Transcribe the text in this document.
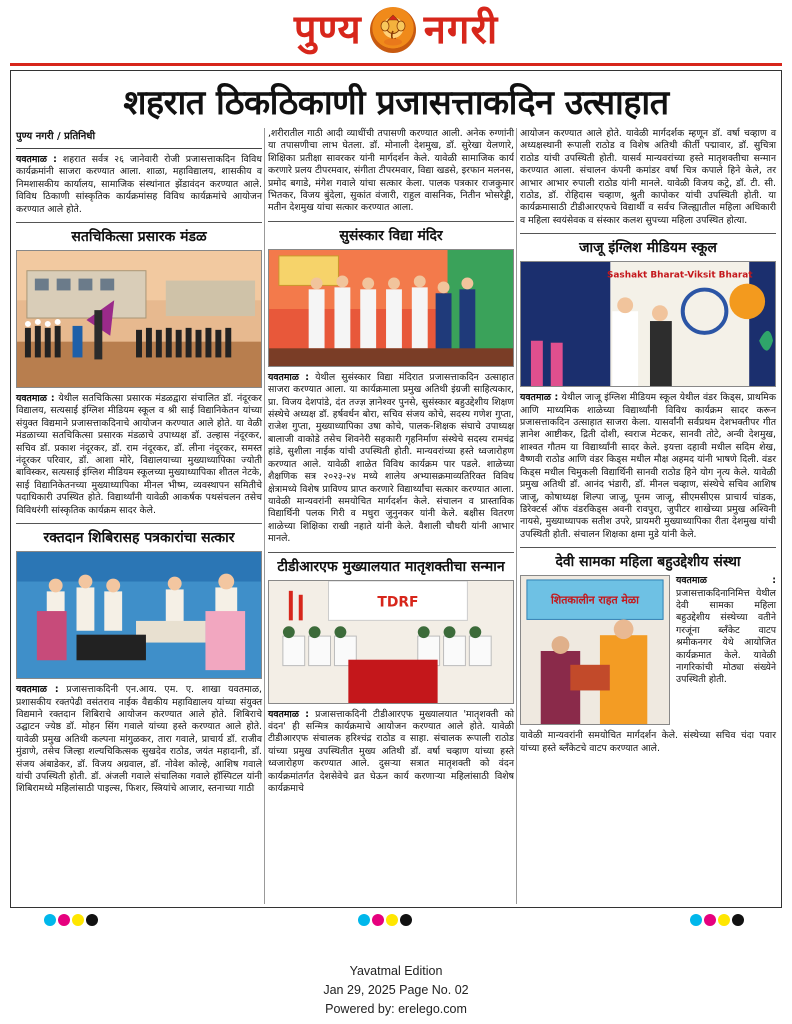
पुण्य नगरी
शहरात ठिकठिकाणी प्रजासत्ताकदिन उत्साहात
पुण्य नगरी / प्रतिनिधी

यवतमाळ : शहरात सर्वत्र २६ जानेवारी रोजी प्रजासत्ताकदिन विविध कार्यक्रमांनी साजरा करण्यात आला. शाळा, महाविद्यालय, शासकीय व निमशासकीय कार्यालय, सामाजिक संस्थांनात झेंडावंदन करण्यात आले. विविध ठिकाणी सांस्कृतिक कार्यक्रमांसह विविध कार्यक्रमांचे आयोजन करण्यात आले होते.

सतचिकित्सा प्रसारक मंडळ

यवतमाळ : येथील सतचिकित्सा प्रसारक मंडळद्वारा संचालित डॉ. नंदूरकर विद्यालय, सत्यसाई इंग्लिश मीडियम स्कूल व श्री साई विद्यानिकेतन यांच्या संयुक्त विद्यमाने प्रजासत्ताकदिनाचे आयोजन करण्यात आले होते. या वेळी मंडळाच्या सतचिकित्सा प्रसारक मंडळाचे उपाध्यक्ष डॉ. उल्हास नंदूरकर, सचिव डॉ. प्रकाश नंदूरकर, डॉ. राम नंदूरकर, डॉ. लीना नंदूरकर, समस्त नंदूरकर परिवार, डॉ. आशा मोरे, विद्यालयाच्या मुख्याध्यापिका ज्योती बाविस्कर, सत्यसाई इंग्लिश मीडियम स्कूलच्या मुख्याध्यापिका शीतल नेटके, साई विद्यानिकेतनच्या मुख्याध्यापिका मीनल भीष्म, व्यवस्थापन समितीचे पदाधिकारी उपस्थित होते. विद्यार्थ्यांनी यावेळी आकर्षक पथसंचलन तसेच विविधरंगी सांस्कृतिक कार्यक्रम सादर केले.

रक्तदान शिबिरासह पत्रकारांचा सत्कार

यवतमाळ : प्रजासत्ताकदिनी एन.आय. एम. ए. शाखा यवतमाळ, प्रशासकीय रक्तपेढी वसंतराव नाईक वैद्यकीय महाविद्यालय यांच्या संयुक्त विद्यमाने रक्तदान शिबिराचे आयोजन करण्यात आले होते. शिबिराचे उद्घाटन ज्येष्ठ डॉ. मोहन सिंग गवाले यांच्या हस्ते करण्यात आले होते. यावेळी प्रमुख अतिथी कल्पना मांगुळकर, तारा गवाले, प्राचार्य डॉ. राजीव मुंडाणे, तसेच जिल्हा शल्यचिकित्सक सुखदेव राठोड, जयंत महादानी, डॉ. संजय अंबाडेकर, डॉ. विजय अग्रवाल, डॉ. नोवेश कोल्हे, आशिष गवाले यांची उपस्थिती होती. डॉ. अंजली गवाले संचालिका गवाले हॉस्पिटल यांनी शिबिरामध्ये महिलांसाठी पाइल्स, फिशर, स्त्रियांचे आजार, स्तनाच्या गाठी

,शरीरातील गाठी आदी व्याधींची तपासणी करण्यात आली. अनेक रुग्णांनी या तपासणीचा लाभ घेतला. डॉ. मोनाली देशमुख, डॉ. सुरेखा येलणारे, शिक्षिका प्रतीक्षा सावरकर यांनी मार्गदर्शन केले. यावेळी सामाजिक कार्य करणारे प्रलय टीपरमवार, संगीता टीपरमवार, विद्या खडसे, इरफान मलनस, प्रमोद बगाडे, मंगेश गवाले यांचा सत्कार केला. पालक पत्रकार राजकुमार भितकर, विजय बुंदेला, सुकांत वंजारी, राहुल वासनिक, नितीन भोसरेड्डी, मतीन देशमुख यांचा सत्कार करण्यात आला.

सुसंस्कार विद्या मंदिर

यवतमाळ : येथील सुसंस्कार विद्या मंदिरात प्रजासत्ताकदिन उत्साहात साजरा करण्यात आला. या कार्यक्रमाला प्रमुख अतिथी इंग्रजी साहित्यकार, प्रा. विजय देशपांडे, दंत तज्ज्ञ ज्ञानेश्वर पुनसे, सुसंस्कार बहुउद्देशीय शिक्षण संस्थेचे अध्यक्ष डॉ. हर्षवर्धन बोरा, सचिव संजय कोचे, सदस्य गणेश गुप्ता, राजेश गुप्ता, मुख्याध्यापिका उषा कोचे, पालक-शिक्षक संघाचे उपाध्यक्ष बालाजी वाकोडे तसेच शिवनेरी सहकारी गृहनिर्माण संस्थेचे सदस्य रामचंद्र हांडे, सुशीला नाईक यांची उपस्थिती होती. मान्यवरांच्या हस्ते ध्वजारोहण करण्यात आले. यावेळी शाळेत विविध कार्यक्रम पार पडले. शाळेच्या शैक्षणिक सत्र २०२३-२४ मध्ये शालेय अभ्यासक्रमाव्यतिरिक्त विविध क्षेत्रामध्ये विशेष प्राविण्य प्राप्त करणारे विद्यार्थ्यांचा सत्कार करण्यात आला. यावेळी मान्यवरांनी समयोचित मार्गदर्शन केले. संचालन व प्रास्ताविक विद्यार्थिनी पलक गिरी व मधुरा जुनुनकर यांनी केले. बक्षीस वितरण शाळेच्या शिक्षिका राखी नहाते यांनी केले. वैशाली चौधरी यांनी आभार मानले.

टीडीआरएफ मुख्यालयात मातृशक्तीचा सन्मान
TDRF

यवतमाळ : प्रजासत्ताकदिनी टीडीआरएफ मुख्यालयात 'मातृशक्ती को वंदन' ही सन्मित्र कार्यक्रमाचे आयोजन करण्यात आले होते. यावेळी टीडीआरएफ संचालक हरिश्चंद्र राठोड व साहा. संचालक रूपाली राठोड यांच्या प्रमुख उपस्थितीत मुख्य अतिथी डॉ. वर्षा चव्हाण यांच्या हस्ते ध्वजारोहण करण्यात आले. दुसऱ्या सत्रात मातृशक्ती को वंदन कार्यक्रमांतर्गत देशसेवेचे व्रत घेऊन कार्य करणाऱ्या महिलांसाठी विशेष कार्यक्रमाचे

आयोजन करण्यात आले होते. यावेळी मार्गदर्शक म्हणून डॉ. वर्षा चव्हाण व अध्यक्षस्थानी रूपाली राठोड व विशेष अतिथी कीर्ती पद्मावार, डॉ. सुचित्रा राठोड यांची उपस्थिती होती. यासर्व मान्यवरांच्या हस्ते मातृशक्तीचा सन्मान करण्यात आला. संचालन कंपनी कमांडर वर्षा चित्र कपाले हिने केले, तर आभार आभार रुपाली राठोड यांनी मानले. यावेळी विजय कट्रे, डॉ. टी. सी. राठोड, डॉ. रोहिदास चव्हाण, श्रुती कापोकर यांची उपस्थिती होती. या कार्यक्रमासाठी टीडीआरएफचे विद्यार्थी व सर्वच जिल्ह्यातील महिला अधिकारी व महिला स्वयंसेवक व संस्कार कलश सुपच्या महिला उपस्थित होत्या.

जाजू इंग्लिश मीडियम स्कूल
Sashakt Bharat-Viksit Bharat

यवतमाळ : येथील जाजू इंग्लिश मीडियम स्कूल येथील वंडर किड्स, प्राथमिक आणि माध्यमिक शाळेच्या विद्यार्थ्यांनी विविध कार्यक्रम सादर करून प्रजासत्ताकदिन उत्साहात साजरा केला. यासर्वांनी सर्वप्रथम देशभक्तीपर गीत ज्ञानेश आष्टीकर, द्रिती दोशी, स्वराज मेटकर, सानवी तोटे, अन्वी देशमुख, शाश्वत गौतम या विद्यार्थ्यांनी सादर केले. इयत्ता दहावी मधील सदिम शेख, वैष्णवी राठोड आणि वंडर किड्स मधील मौक्ष अहमद यांनी भाषणे दिली. वंडर किड्स मधील चिमुकली विद्यार्थिनी सानवी राठोड हिने योग नृत्य केले. यावेळी प्रमुख अतिथी डॉ. आनंद भंडारी, डॉ. मीनल चव्हाण, संस्थेचे सचिव आशिष जाजू, कोषाध्यक्ष शिल्पा जाजू, पूनम जाजू, सीएमसीएस प्राचार्य चांडक, डिरेक्टर्स ऑफ वंडरकिड्स अवनी रावपुरा, जुपीटर शाखेच्या प्रमुख अश्विनी नायसे, मुख्याध्यापक सतीश उपरे, प्रायमरी मुख्याध्यापिका रीता देशमुख यांची उपस्थिती होती. संचालन शिक्षका क्षमा मुडे यांनी केले.

देवी सामका महिला बहुउद्देशीय संस्था
शितकालीन राहत मेळा

यवतमाळ : प्रजासत्ताकदिनानिमित्त येथील देवी सामका महिला बहुउद्देशीय संस्थेच्या वतीने गरजूंना ब्लँकेट वाटप श्रमीकनगर येथे आयोजित कार्यक्रमात केले. यावेळी नागरिकांची मोठ्या संख्येने उपस्थिती होती.

यावेळी मान्यवरांनी समयोचित मार्गदर्शन केले. संस्थेच्या सचिव चंदा पवार यांच्या हस्ते ब्लँकेटचे वाटप करण्यात आले.

Yavatmal Edition
Jan 29, 2025 Page No. 02
Powered by: erelego.com
